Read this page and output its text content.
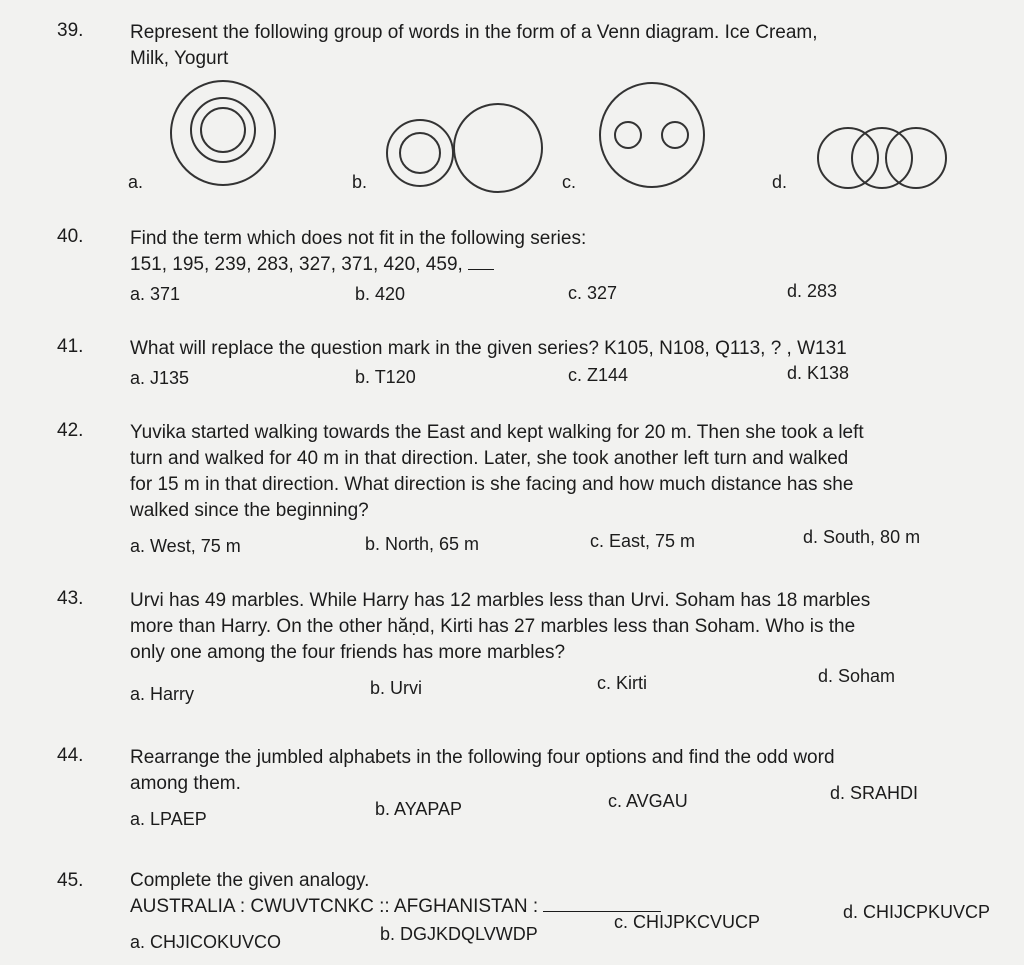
39. Represent the following group of words in the form of a Venn diagram. Ice Cream,
Milk, Yogurt
a.	b.	c.	d.
40. Find the term which does not fit in the following series:
151, 195, 239, 283, 327, 371, 420, 459,
a. 371	b. 420	c. 327	d. 283
41. What will replace the question mark in the given series? K105, N108, Q113, ? , W131
a. J135	b. T120	c. Z144	d. K138
42. Yuvika started walking towards the East and kept walking for 20 m. Then she took a left
turn and walked for 40 m in that direction. Later, she took another left turn and walked
for 15 m in that direction. What direction is she facing and how much distance has she
walked since the beginning?
a. West, 75 m	b. North, 65 m	c. East, 75 m	d. South, 80 m
43. Urvi has 49 marbles. While Harry has 12 marbles less than Urvi. Soham has 18 marbles
more than Harry. On the other hăṇd, Kirti has 27 marbles less than Soham. Who is the
only one among the four friends has more marbles?
a. Harry	b. Urvi	c. Kirti	d. Soham
44. Rearrange the jumbled alphabets in the following four options and find the odd word
among them.
a. LPAEP	b. AYAPAP	c. AVGAU	d. SRAHDI
45. Complete the given analogy.
AUSTRALIA : CWUVTCNKC :: AFGHANISTAN :
a. CHJICOKUVCO	b. DGJKDQLVWDP
c. CHIJPKCVUCP	d. CHIJCPKUVCP
